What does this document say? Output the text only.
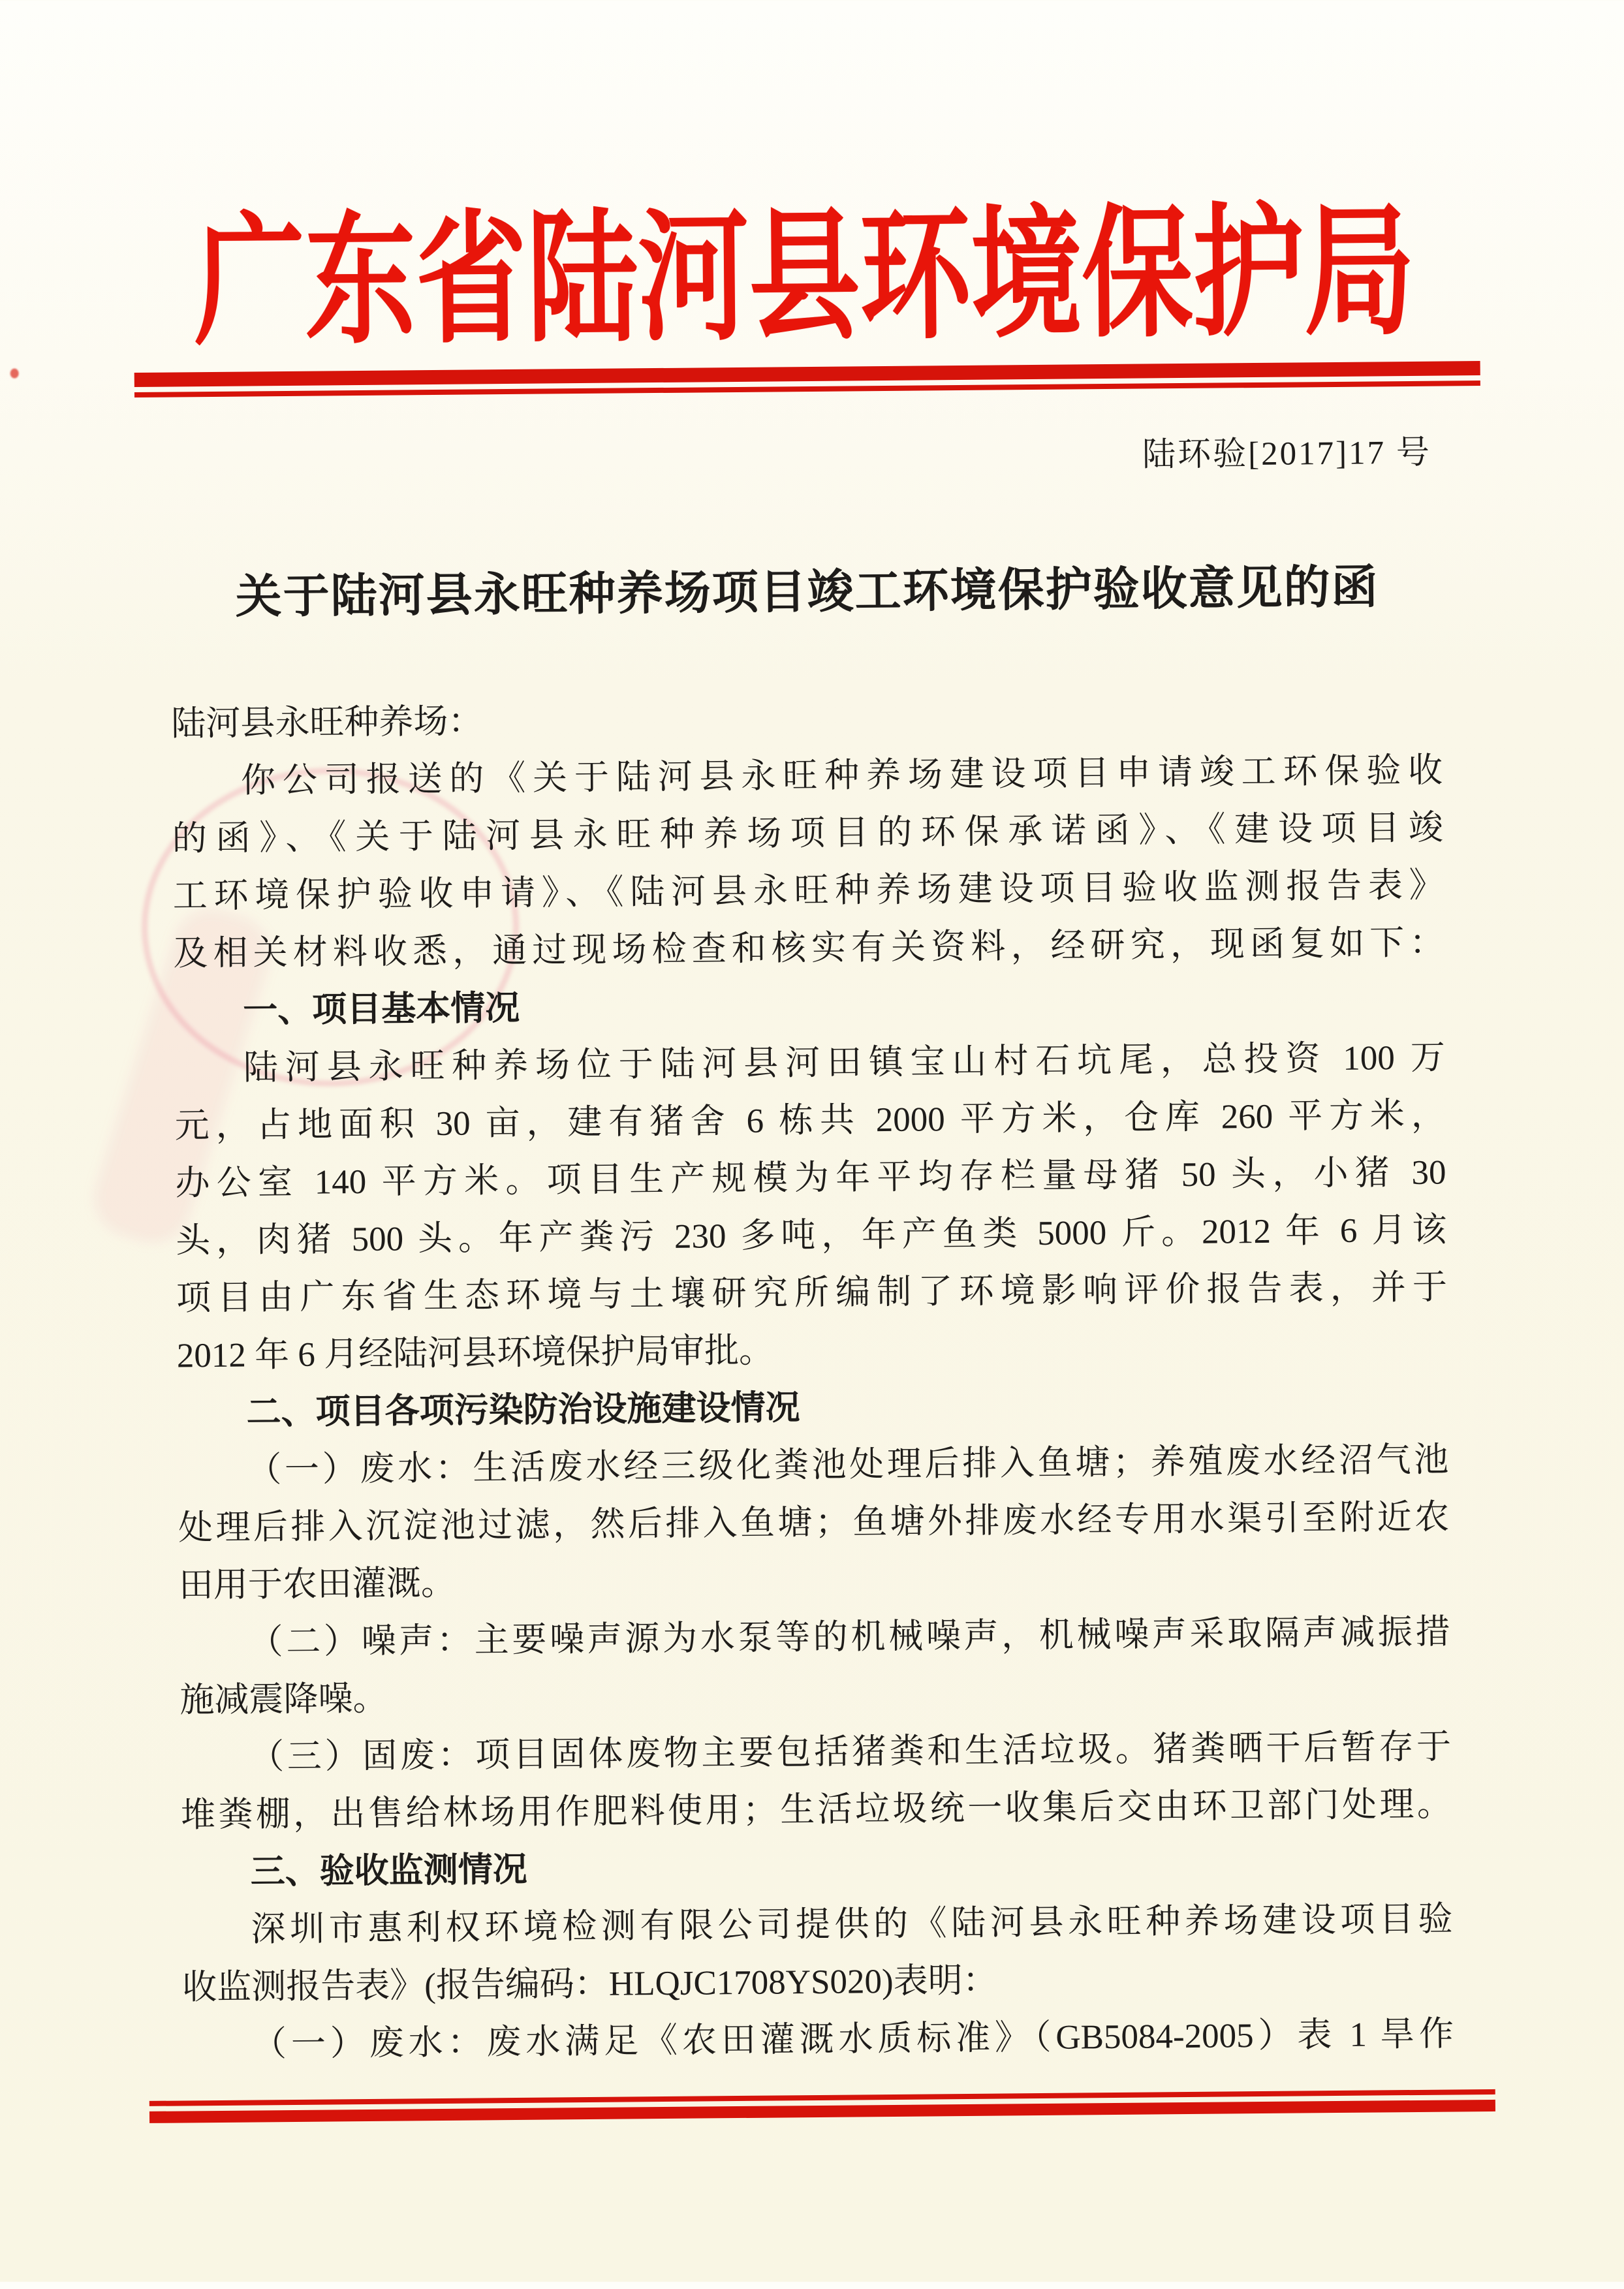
广东省陆河县环境保护局
陆环验[2017]17 号
关于陆河县永旺种养场项目竣工环境保护验收意见的函

陆河县永旺种养场：

你公司报送的《关于陆河县永旺种养场建设项目申请竣工环保验收

的函》、《关于陆河县永旺种养场项目的环保承诺函》、《建设项目竣

工环境保护验收申请》、《陆河县永旺种养场建设项目验收监测报告表》

及相关材料收悉，通过现场检查和核实有关资料，经研究，现函复如下：

一、项目基本情况

陆河县永旺种养场位于陆河县河田镇宝山村石坑尾，总投资 100 万

元，占地面积 30 亩，建有猪舍 6 栋共 2000 平方米，仓库 260 平方米，

办公室 140 平方米。项目生产规模为年平均存栏量母猪 50 头，小猪 30

头，肉猪 500 头。年产粪污 230 多吨，年产鱼类 5000 斤。2012 年 6 月该

项目由广东省生态环境与土壤研究所编制了环境影响评价报告表，并于

2012 年 6 月经陆河县环境保护局审批。

二、项目各项污染防治设施建设情况

（一）废水：生活废水经三级化粪池处理后排入鱼塘；养殖废水经沼气池

处理后排入沉淀池过滤，然后排入鱼塘；鱼塘外排废水经专用水渠引至附近农

田用于农田灌溉。

（二）噪声：主要噪声源为水泵等的机械噪声，机械噪声采取隔声减振措

施减震降噪。

（三）固废：项目固体废物主要包括猪粪和生活垃圾。猪粪晒干后暂存于

堆粪棚，出售给林场用作肥料使用；生活垃圾统一收集后交由环卫部门处理。

三、验收监测情况

深圳市惠利权环境检测有限公司提供的《陆河县永旺种养场建设项目验

收监测报告表》(报告编码：HLQJC1708YS020)表明：

（一）废水：废水满足《农田灌溉水质标准》（GB5084-2005）表 1 旱作
